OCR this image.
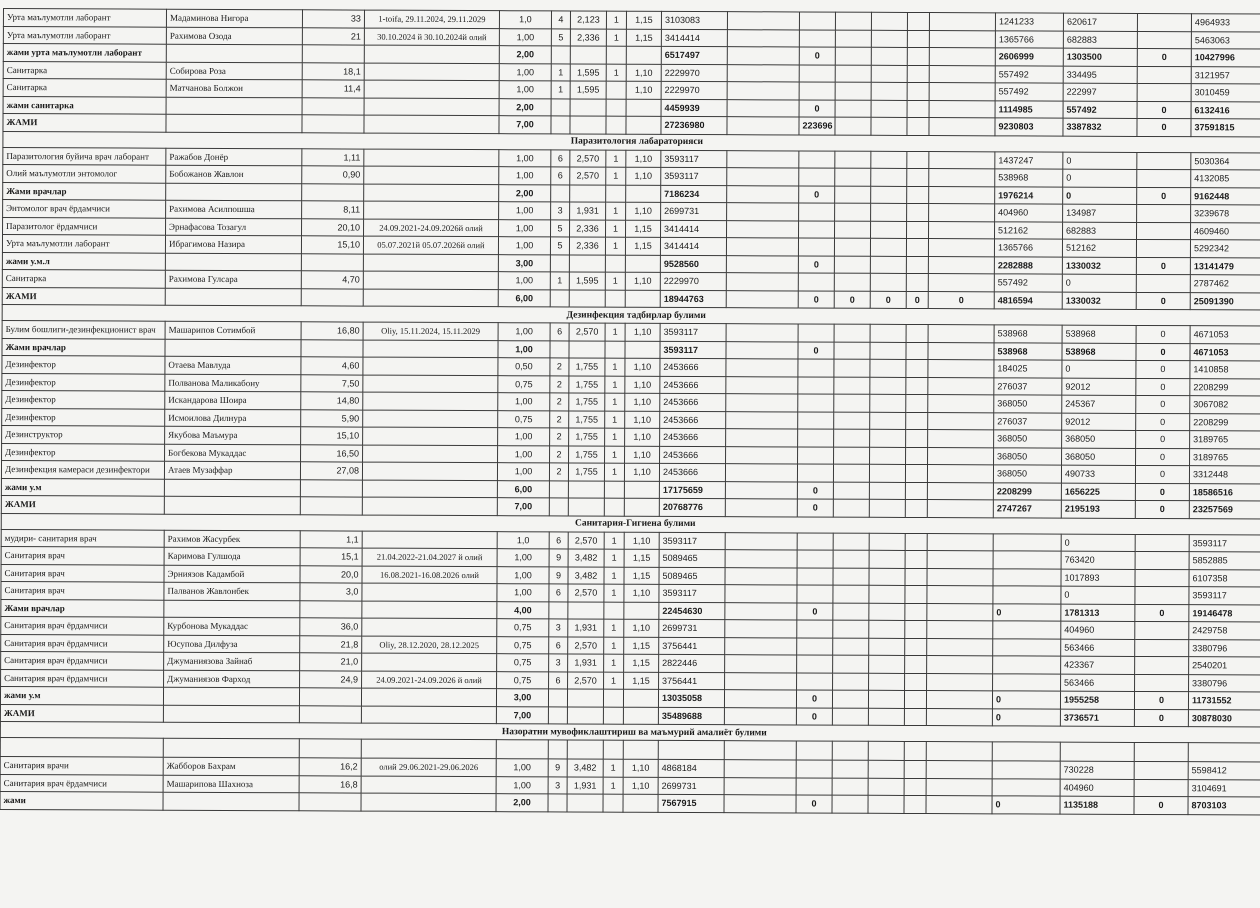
Урта маълумотли лаборант	Мадаминова Нигора	33	1-toifa, 29.11.2024, 29.11.2029	1,0	4	2,123	1	1,15	3103083							1241233	620617		4964933
Урта маълумотли лаборант	Рахимова Озода	21	30.10.2024 й 30.10.2024й олий	1,00	5	2,336	1	1,15	3414414							1365766	682883		5463063
жами урта маълумотли лаборант				2,00					6517497		0					2606999	1303500	0	10427996
Санитарка	Собирова Роза	18,1		1,00	1	1,595	1	1,10	2229970							557492	334495		3121957
Санитарка	Матчанова Болжон	11,4		1,00	1	1,595		1,10	2229970							557492	222997		3010459
жами санитарка				2,00					4459939		0					1114985	557492	0	6132416
ЖАМИ				7,00					27236980		223696					9230803	3387832	0	37591815
Паразитология лабараторияси																			
Паразитология буйича врач лаборант	Ражабов Донёр	1,11		1,00	6	2,570	1	1,10	3593117							1437247	0		5030364
Олий маълумотли энтомолог	Бобожанов Жавлон	0,90		1,00	6	2,570	1	1,10	3593117							538968	0		4132085
Жами врачлар				2,00					7186234		0					1976214	0	0	9162448
Энтомолог врач ёрдамчиси	Рахимова Асилпошша	8,11		1,00	3	1,931	1	1,10	2699731							404960	134987		3239678
Паразитолог ёрдамчиси	Эрнафасова Тозагул	20,10	24.09.2021-24.09.2026й олий	1,00	5	2,336	1	1,15	3414414							512162	682883		4609460
Урта маълумотли лаборант	Ибрагимова Назира	15,10	05.07.2021й 05.07.2026й олий	1,00	5	2,336	1	1,15	3414414							1365766	512162		5292342
жами у.м.л				3,00					9528560		0					2282888	1330032	0	13141479
Санитарка	Рахимова Гулсара	4,70		1,00	1	1,595	1	1,10	2229970							557492	0		2787462
ЖАМИ				6,00					18944763		0	0	0	0	0	4816594	1330032	0	25091390
Дезинфекция тадбирлар булими																			
Булим бошлиги-дезинфекционист врач	Машарипов Сотимбой	16,80	Oliy, 15.11.2024, 15.11.2029	1,00	6	2,570	1	1,10	3593117							538968	538968	0	4671053
Жами врачлар				1,00					3593117		0					538968	538968	0	4671053
Дезинфектор	Отаева Мавлуда	4,60		0,50	2	1,755	1	1,10	2453666							184025	0	0	1410858
Дезинфектор	Полванова Маликабону	7,50		0,75	2	1,755	1	1,10	2453666							276037	92012	0	2208299
Дезинфектор	Искандарова Шоира	14,80		1,00	2	1,755	1	1,10	2453666							368050	245367	0	3067082
Дезинфектор	Исмоилова Дилнура	5,90		0,75	2	1,755	1	1,10	2453666							276037	92012	0	2208299
Дезинструктор	Якубова Маъмура	15,10		1,00	2	1,755	1	1,10	2453666							368050	368050	0	3189765
Дезинфектор	Богбекова Мукаддас	16,50		1,00	2	1,755	1	1,10	2453666							368050	368050	0	3189765
Дезинфекция камераси дезинфектори	Атаев Музаффар	27,08		1,00	2	1,755	1	1,10	2453666							368050	490733	0	3312448
жами у.м				6,00					17175659		0					2208299	1656225	0	18586516
ЖАМИ				7,00					20768776		0					2747267	2195193	0	23257569
Санитария-Гигиена булими																			
мудири- санитария врач	Рахимов Жасурбек	1,1		1,0	6	2,570	1	1,10	3593117								0		3593117
Санитария врач	Каримова Гулшода	15,1	21.04.2022-21.04.2027 й олий	1,00	9	3,482	1	1,15	5089465								763420		5852885
Санитария врач	Эрниязов Кадамбой	20,0	16.08.2021-16.08.2026 олий	1,00	9	3,482	1	1,15	5089465								1017893		6107358
Санитария врач	Палванов Жавлонбек	3,0		1,00	6	2,570	1	1,10	3593117								0		3593117
Жами врачлар				4,00					22454630		0					0	1781313	0	19146478
Санитария врач ёрдамчиси	Курбонова Мукаддас	36,0		0,75	3	1,931	1	1,10	2699731								404960		2429758
Санитария врач ёрдамчиси	Юсупова Дилфуза	21,8	Oliy, 28.12.2020, 28.12.2025	0,75	6	2,570	1	1,15	3756441								563466		3380796
Санитария врач ёрдамчиси	Джуманиязова Зайнаб	21,0		0,75	3	1,931	1	1,15	2822446								423367		2540201
Санитария врач ёрдамчиси	Джуманиязов Фарход	24,9	24.09.2021-24.09.2026 й олий	0,75	6	2,570	1	1,15	3756441								563466		3380796
жами у.м				3,00					13035058		0					0	1955258	0	11731552
ЖАМИ				7,00					35489688		0					0	3736571	0	30878030
Назоратни мувофиклаштириш ва маъмурий амалиёт булими																			

Санитария врачи	Жабборов Бахрам	16,2	олий 29.06.2021-29.06.2026	1,00	9	3,482	1	1,10	4868184								730228		5598412
Санитария врач ёрдамчиси	Машарипова Шахноза	16,8		1,00	3	1,931	1	1,10	2699731								404960		3104691
жами				2,00					7567915		0					0	1135188	0	8703103
